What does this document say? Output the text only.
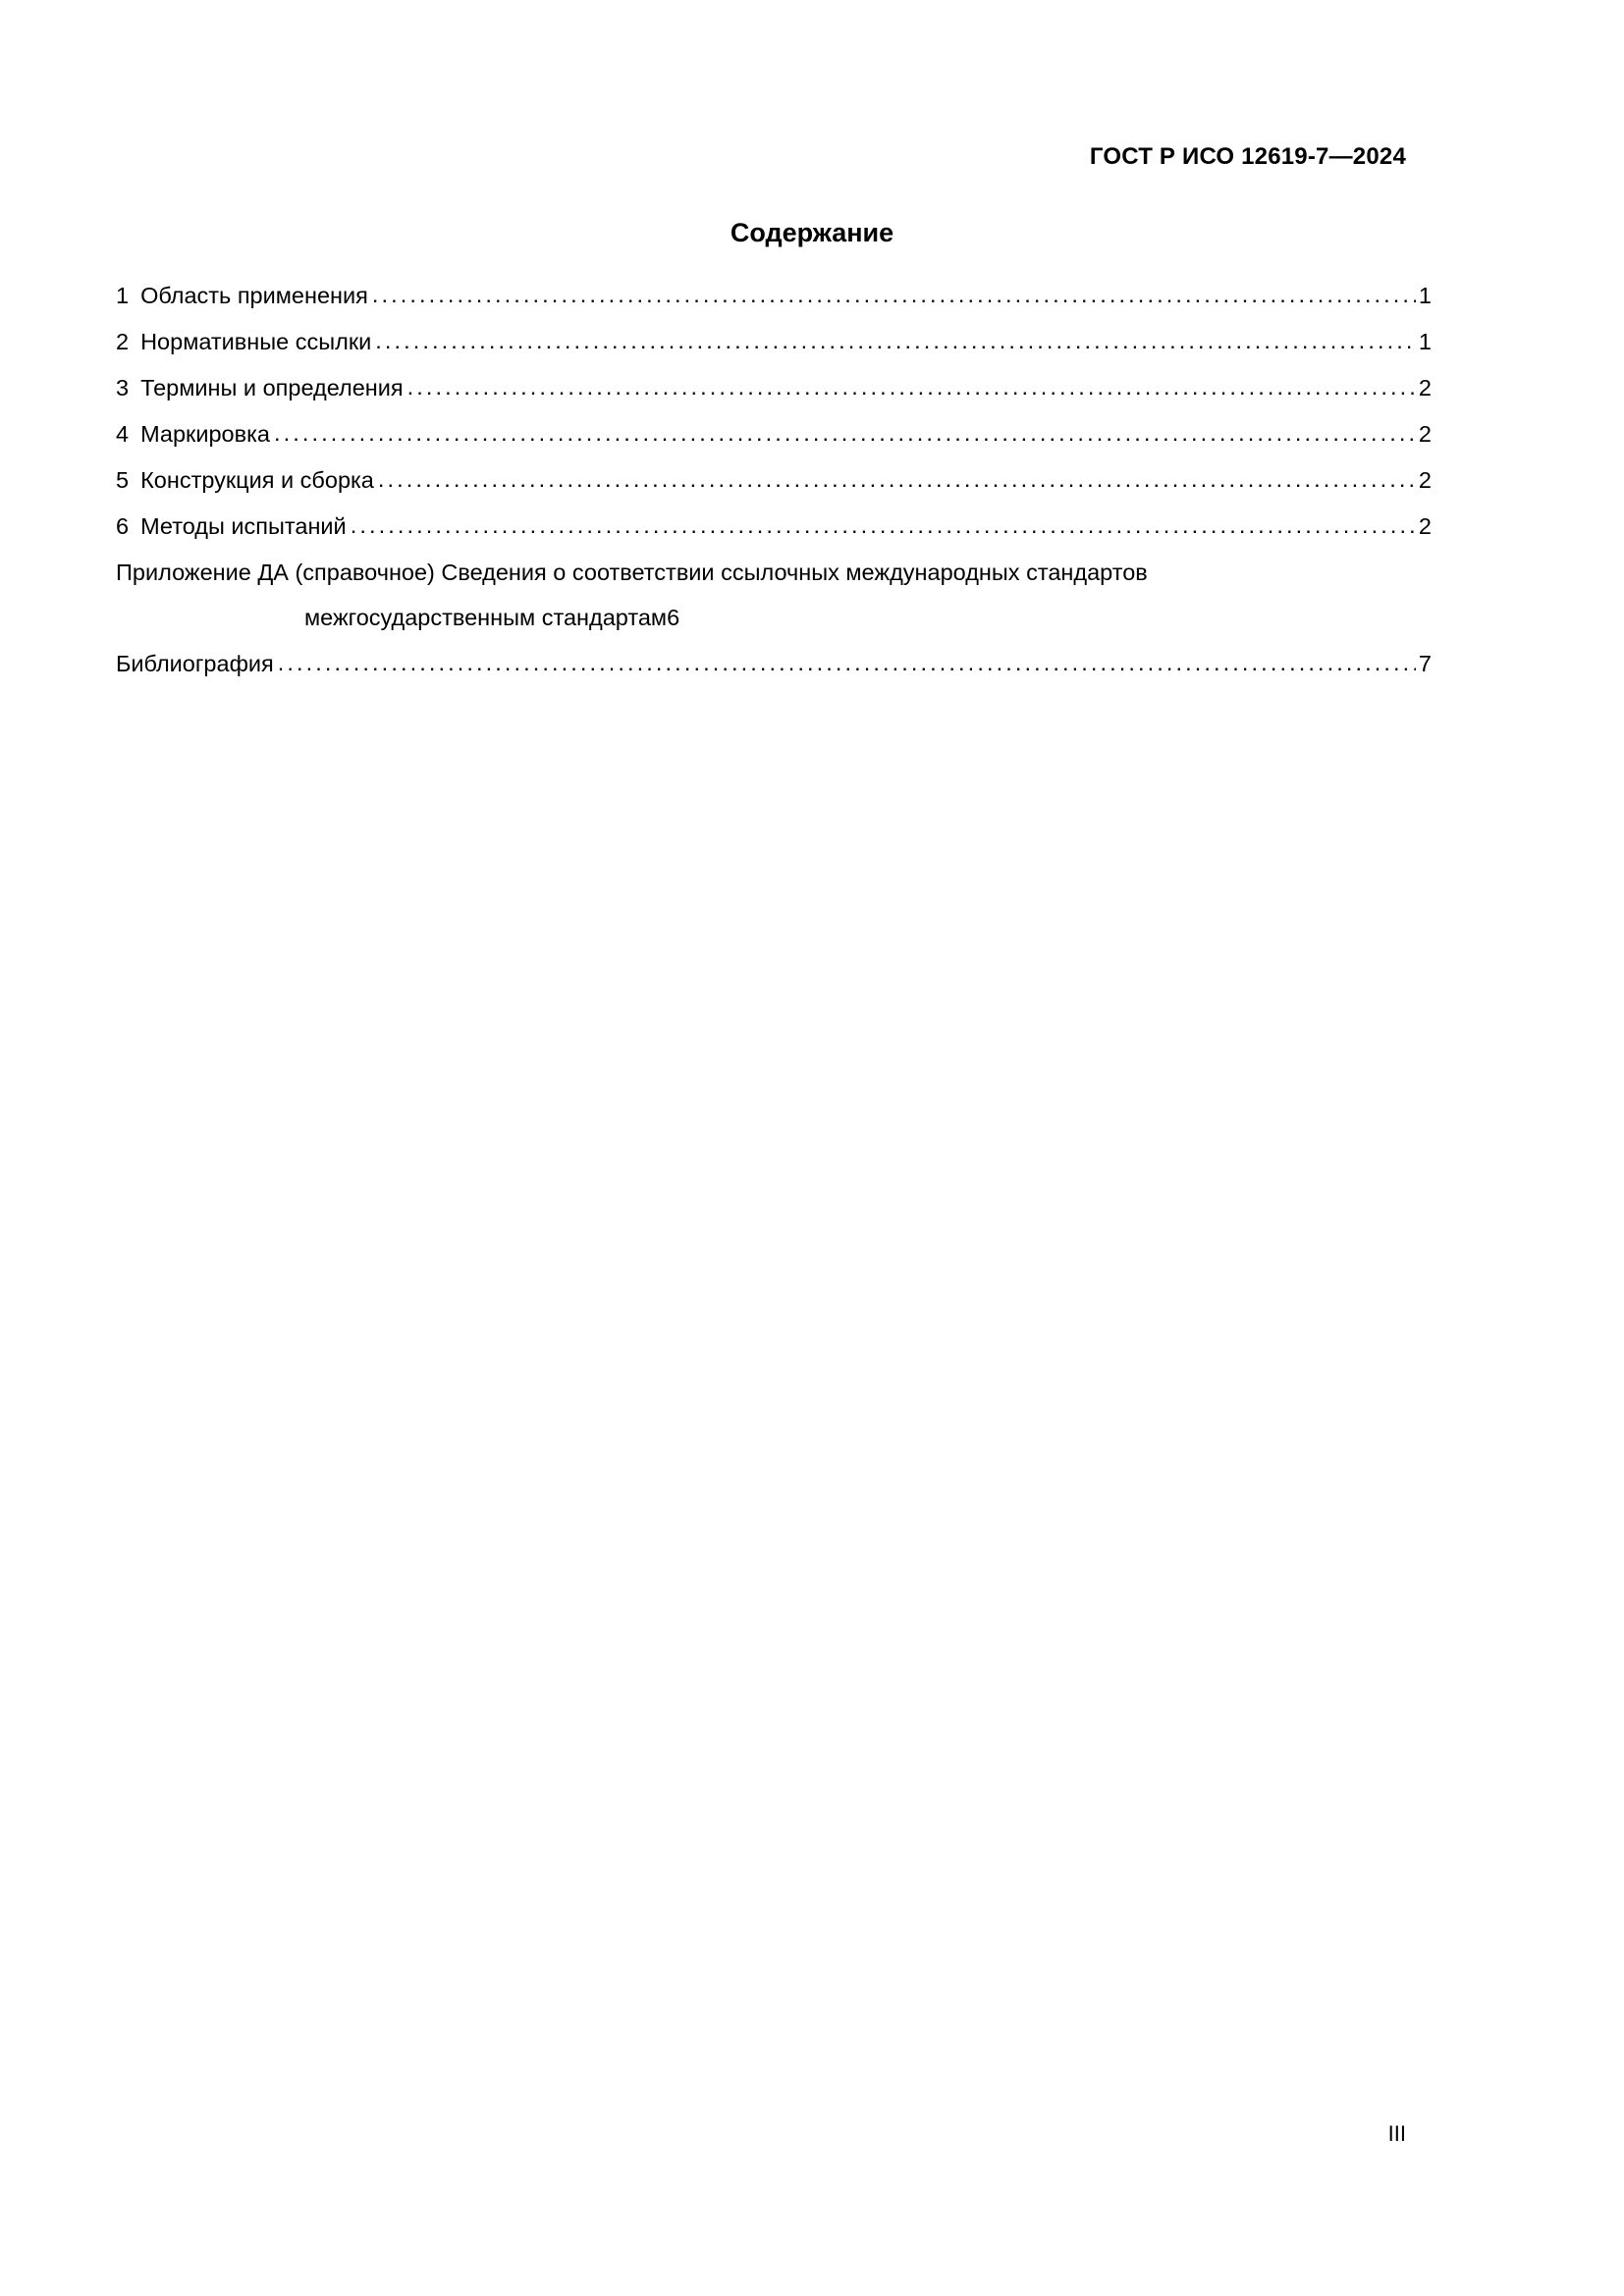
ГОСТ Р ИСО 12619-7—2024
Содержание
1 Область применения .....	1
2 Нормативные ссылки .....	1
3 Термины и определения .....	2
4 Маркировка .....	2
5 Конструкция и сборка .....	2
6 Методы испытаний .....	2
Приложение ДА (справочное) Сведения о соответствии ссылочных международных стандартов
межгосударственным стандартам 6
Библиография .....	7
III
